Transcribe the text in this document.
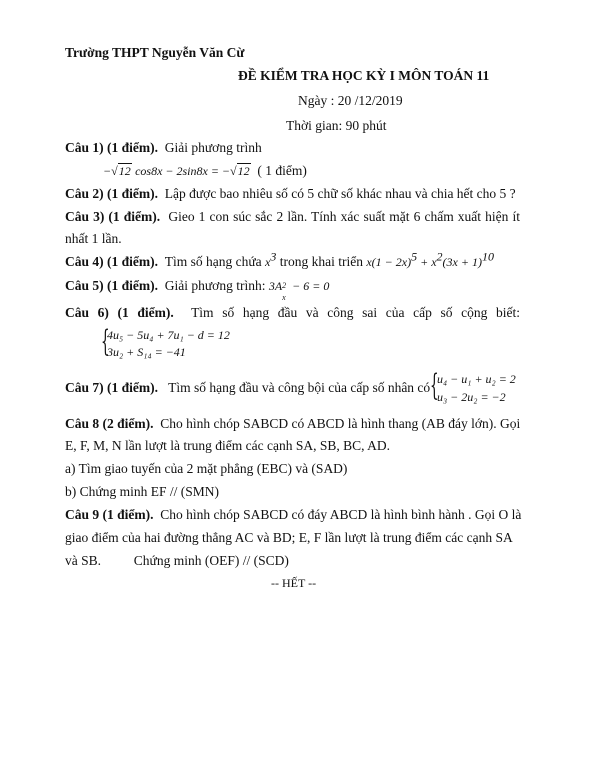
Trường THPT Nguyễn Văn Cừ
ĐỀ KIỂM TRA HỌC KỲ I MÔN TOÁN 11
Ngày : 20 /12/2019
Thời gian: 90 phút
Câu 1) (1 điểm). Giải phương trình
−√12 cos8x − 2sin8x = −√12 ( 1 điểm)
Câu 2) (1 điểm). Lập được bao nhiêu số có 5 chữ số khác nhau và chia hết cho 5 ?
Câu 3) (1 điểm). Gieo 1 con súc sắc 2 lần. Tính xác suất mặt 6 chấm xuất hiện ít
nhất 1 lần.
Câu 4) (1 điểm). Tìm số hạng chứa $x^3$ trong khai triển $x(1 - 2x)^5 + x^2(3x + 1)^{10}$
Câu 5) (1 điểm). Giải phương trình: 3A 2
x
− 6 = 0
Câu 6) (1 điểm). Tìm số hạng đầu và công sai của cấp số cộng biết:
{
4u₅ − 5u₄ + 7u₁ − d = 12
3u₂ + S₁₄ = −41
Câu 7) (1 điểm). Tìm số hạng đầu và công bội của cấp số nhân có {
u₄ − u₁ + u₂ = 2
u₃ − 2u₂ = −2
Câu 8 (2 điểm). Cho hình chóp SABCD có ABCD là hình thang (AB đáy lớn). Gọi
E, F, M, N lần lượt là trung điểm các cạnh SA, SB, BC, AD.
a) Tìm giao tuyến của 2 mặt phẳng (EBC) và (SAD)
b) Chứng minh EF // (SMN)
Câu 9 (1 điểm). Cho hình chóp SABCD có đáy ABCD là hình bình hành . Gọi O là
giao điểm của hai đường thẳng AC và BD; E, F lần lượt là trung điểm các cạnh SA
và SB. Chứng minh (OEF) // (SCD)
-- HẾT --
